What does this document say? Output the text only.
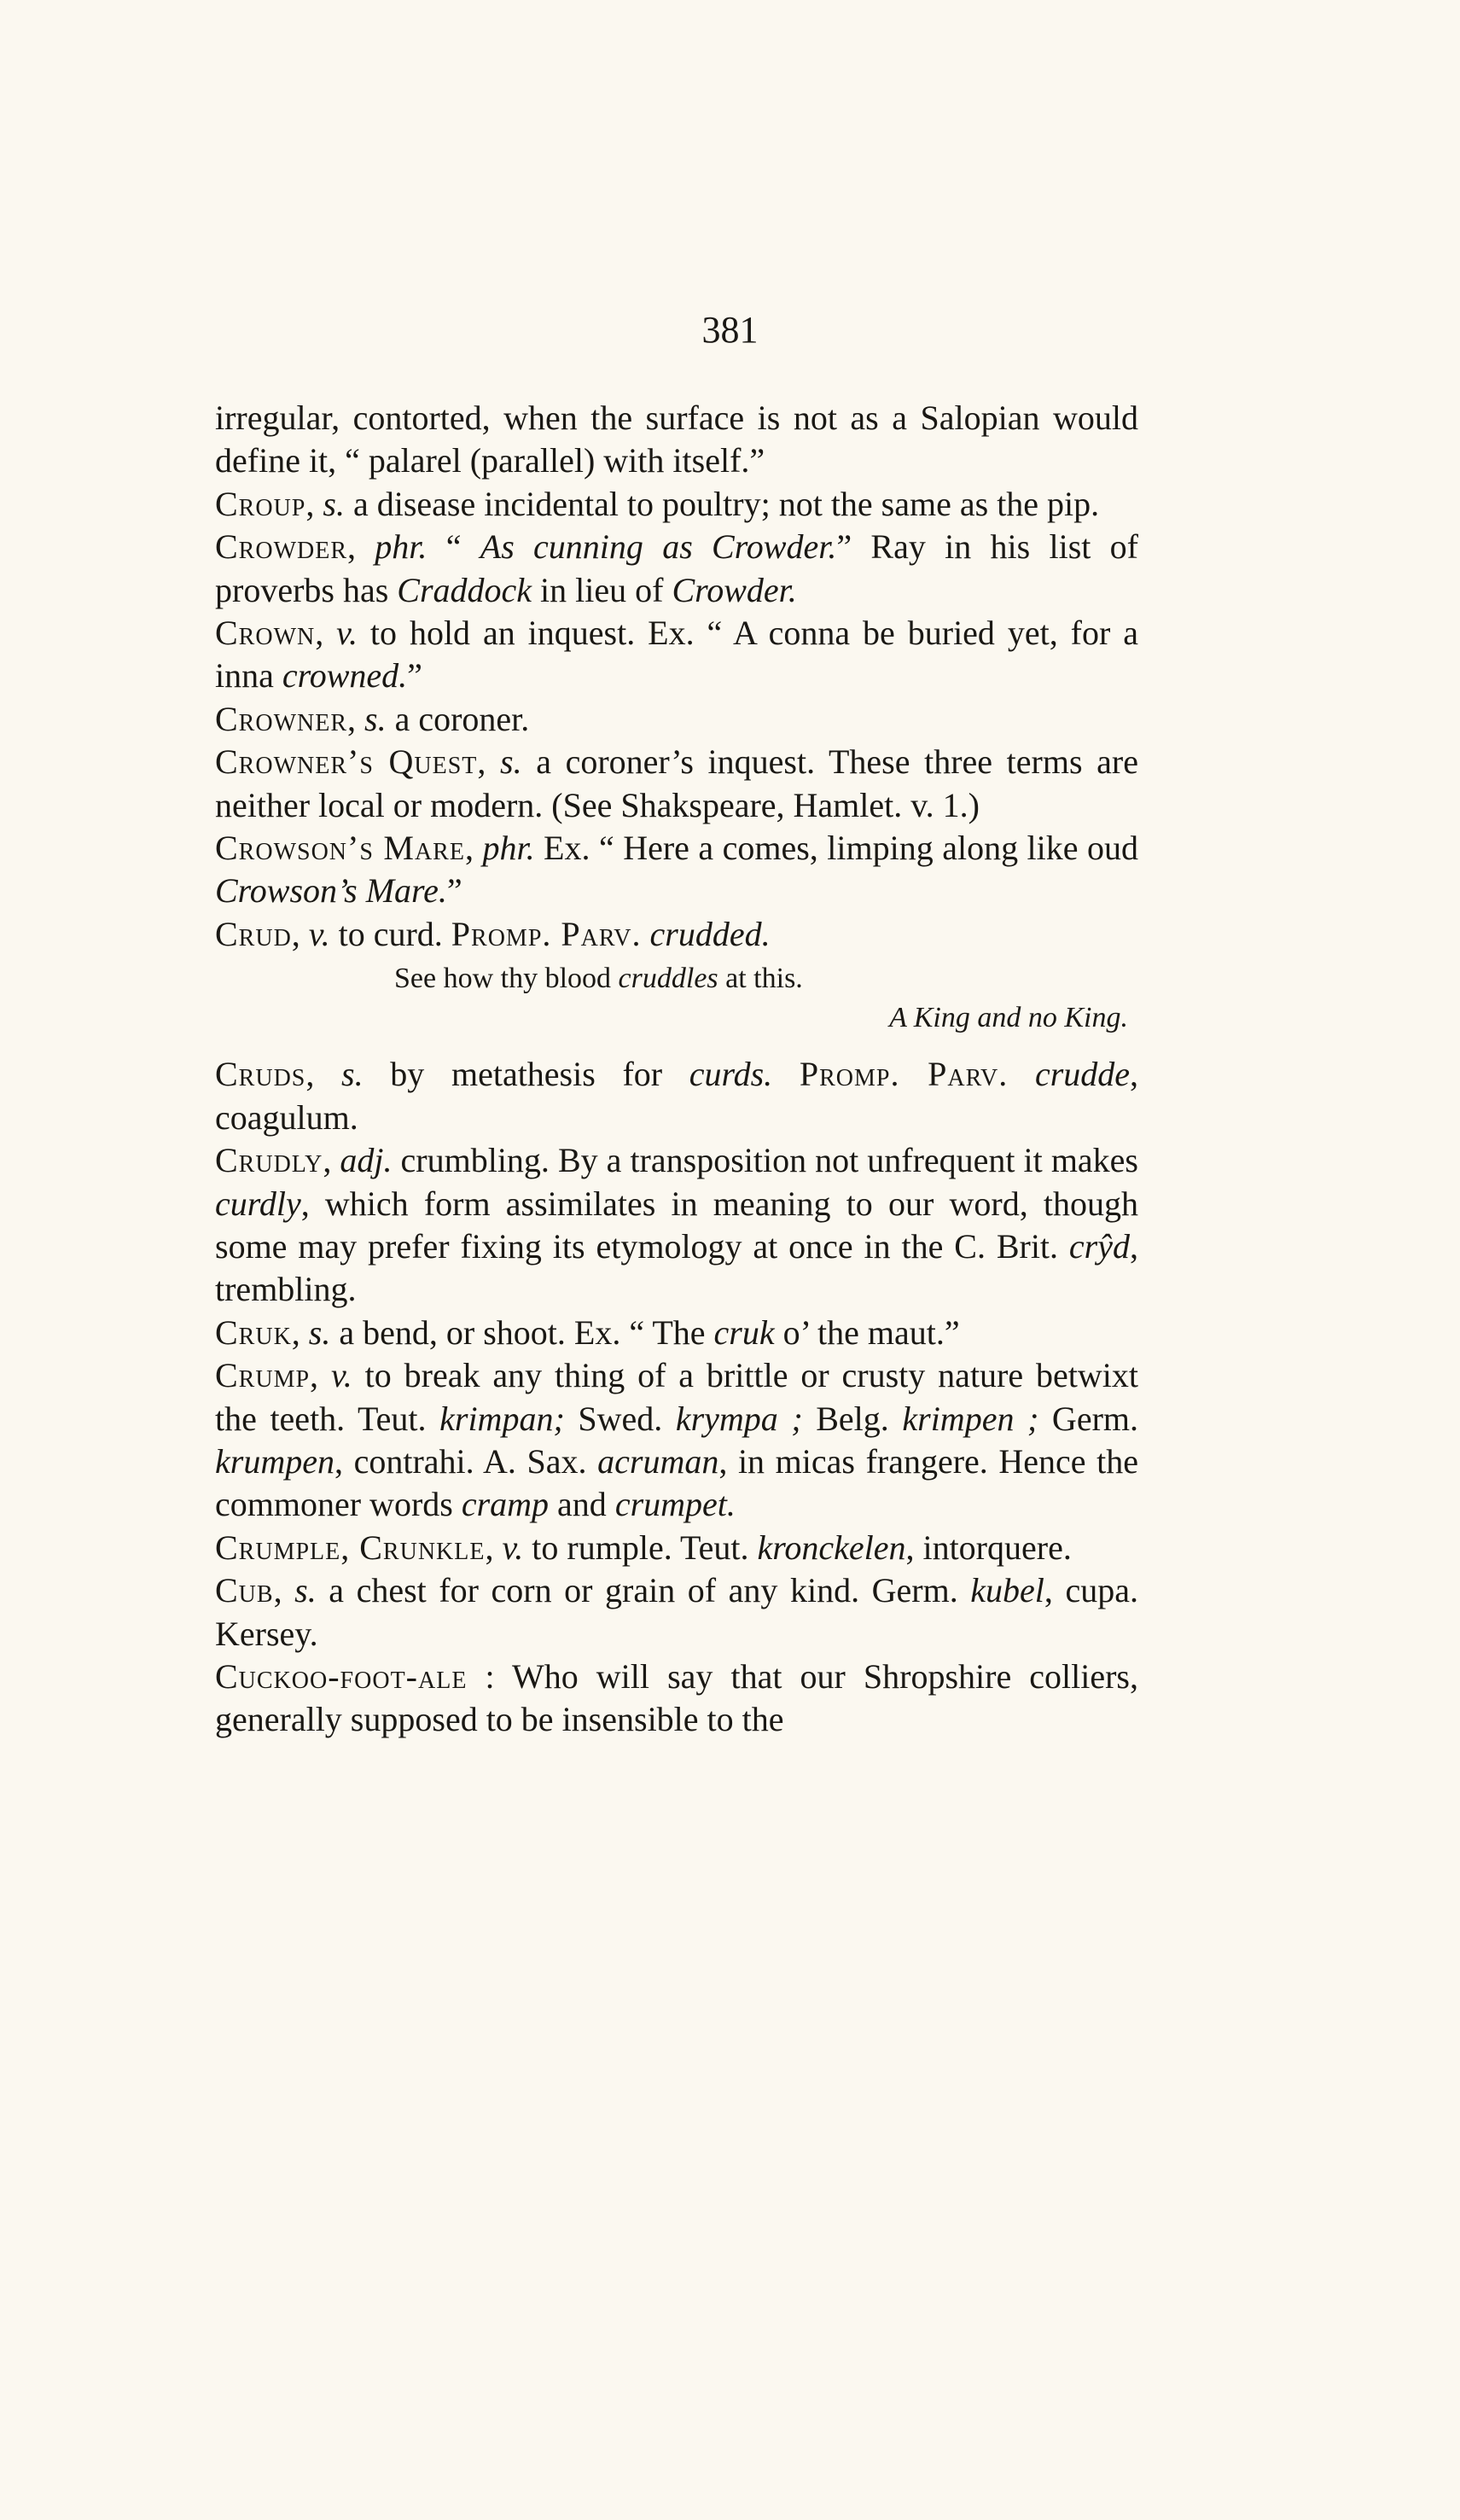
381
irregular, contorted, when the surface is not as a Salopian would define it, “ palarel (parallel) with itself.”
Croup, s. a disease incidental to poultry; not the same as the pip.
Crowder, phr. “ As cunning as Crowder.” Ray in his list of proverbs has Craddock in lieu of Crowder.
Crown, v. to hold an inquest. Ex. “ A conna be buried yet, for a inna crowned.”
Crowner, s. a coroner.
Crowner’s Quest, s. a coroner’s inquest. These three terms are neither local or modern. (See Shakspeare, Hamlet. v. 1.)
Crowson’s Mare, phr. Ex. “ Here a comes, limping along like oud Crowson’s Mare.”
Crud, v. to curd. Promp. Parv. crudded.
See how thy blood cruddles at this.
A King and no King.
Cruds, s. by metathesis for curds. Promp. Parv. crudde, coagulum.
Crudly, adj. crumbling. By a transposition not unfrequent it makes curdly, which form assimilates in meaning to our word, though some may prefer fixing its etymology at once in the C. Brit. crŷd, trembling.
Cruk, s. a bend, or shoot. Ex. “ The cruk o’ the maut.”
Crump, v. to break any thing of a brittle or crusty nature betwixt the teeth. Teut. krimpan; Swed. krympa ; Belg. krimpen ; Germ. krumpen, contrahi. A. Sax. acruman, in micas frangere. Hence the commoner words cramp and crumpet.
Crumple, Crunkle, v. to rumple. Teut. kronckelen, intorquere.
Cub, s. a chest for corn or grain of any kind. Germ. kubel, cupa. Kersey.
Cuckoo-foot-ale : Who will say that our Shropshire colliers, generally supposed to be insensible to the
